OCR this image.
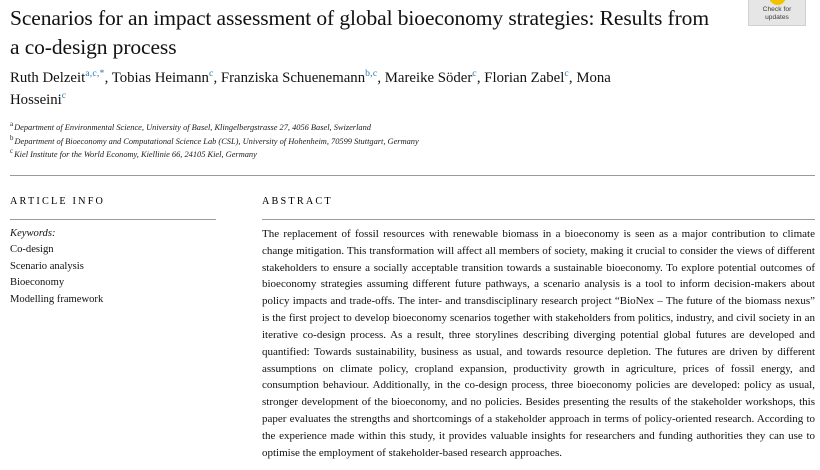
Check for
updates
Scenarios for an impact assessment of global bioeconomy strategies: Results from a co-design process
Ruth Delzeit$^{a,c,*}$, Tobias Heimann$^c$, Franziska Schuenemann$^{b,c}$, Mareike Söder$^c$, Florian Zabel$^c$, Mona Hosseini$^c$
$^a$Department of Environmental Science, University of Basel, Klingelbergstrasse 27, 4056 Basel, Swizerland
$^b$Department of Bioeconomy and Computational Science Lab (CSL), University of Hohenheim, 70599 Stuttgart, Germany
$^c$Kiel Institute for the World Economy, Kiellinie 66, 24105 Kiel, Germany
ARTICLE INFO	ABSTRACT
Keywords:
Co-design
Scenario analysis
Bioeconomy
Modelling framework
The replacement of fossil resources with renewable biomass in a bioeconomy is seen as a major contribution to climate change mitigation. This transformation will affect all members of society, making it crucial to consider the views of different stakeholders to ensure a socially acceptable transition towards a sustainable bioeconomy. To explore potential outcomes of bioeconomy strategies assuming different future pathways, a scenario analysis is a tool to inform decision-makers about policy impacts and trade-offs. The inter- and transdisciplinary research project “BioNex – The future of the biomass nexus” is the first project to develop bioeconomy scenarios together with stakeholders from politics, industry, and civil society in an iterative co-design process. As a result, three storylines describing diverging potential global futures are developed and quantified: Towards sustainability, business as usual, and towards resource depletion. The futures are driven by different assumptions on climate policy, cropland expansion, productivity growth in agriculture, prices of fossil energy, and consumption behaviour. Additionally, in the co-design process, three bioeconomy policies are developed: policy as usual, stronger development of the bioeconomy, and no policies. Besides presenting the results of the stakeholder workshops, this paper evaluates the strengths and shortcomings of a stakeholder approach in terms of policy-oriented research. According to the experience made within this study, it provides valuable insights for researchers and funding authorities they can use to optimise the employment of stakeholder-based research approaches.
